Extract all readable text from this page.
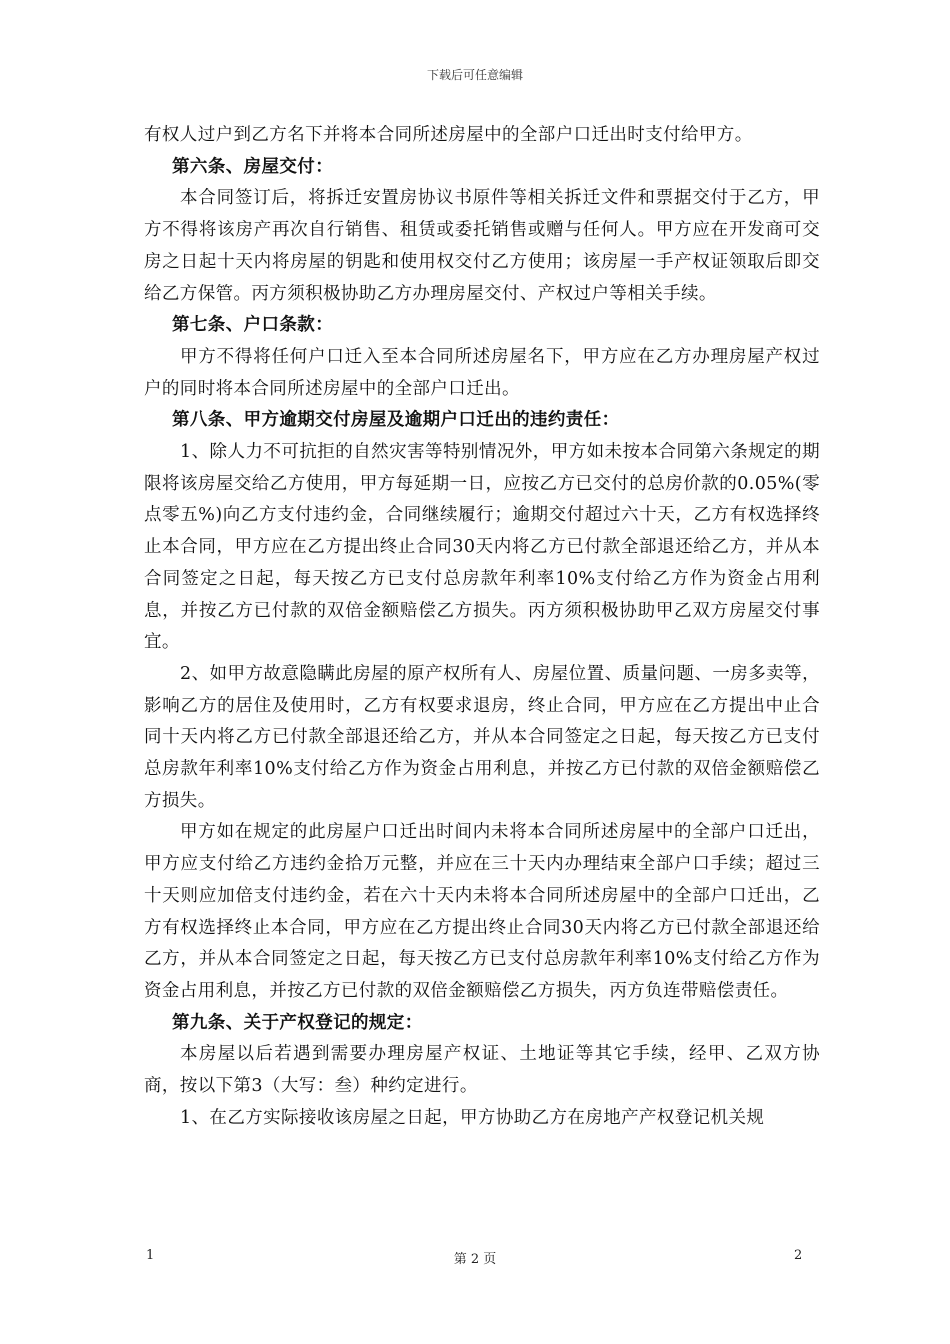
下载后可任意编辑

有权人过户到乙方名下并将本合同所述房屋中的全部户口迁出时支付给甲方。

第六条、房屋交付：

本合同签订后，将拆迁安置房协议书原件等相关拆迁文件和票据交付于乙方，甲方不得将该房产再次自行销售、租赁或委托销售或赠与任何人。甲方应在开发商可交房之日起十天内将房屋的钥匙和使用权交付乙方使用；该房屋一手产权证领取后即交给乙方保管。丙方须积极协助乙方办理房屋交付、产权过户等相关手续。

第七条、户口条款：

甲方不得将任何户口迁入至本合同所述房屋名下，甲方应在乙方办理房屋产权过户的同时将本合同所述房屋中的全部户口迁出。

第八条、甲方逾期交付房屋及逾期户口迁出的违约责任：

1、除人力不可抗拒的自然灾害等特别情况外，甲方如未按本合同第六条规定的期限将该房屋交给乙方使用，甲方每延期一日，应按乙方已交付的总房价款的0.05%(零点零五%)向乙方支付违约金，合同继续履行；逾期交付超过六十天，乙方有权选择终止本合同，甲方应在乙方提出终止合同30天内将乙方已付款全部退还给乙方，并从本合同签定之日起，每天按乙方已支付总房款年利率10%支付给乙方作为资金占用利息，并按乙方已付款的双倍金额赔偿乙方损失。丙方须积极协助甲乙双方房屋交付事宜。

2、如甲方故意隐瞒此房屋的原产权所有人、房屋位置、质量问题、一房多卖等，影响乙方的居住及使用时，乙方有权要求退房，终止合同，甲方应在乙方提出中止合同十天内将乙方已付款全部退还给乙方，并从本合同签定之日起，每天按乙方已支付总房款年利率10%支付给乙方作为资金占用利息，并按乙方已付款的双倍金额赔偿乙方损失。

甲方如在规定的此房屋户口迁出时间内未将本合同所述房屋中的全部户口迁出，甲方应支付给乙方违约金拾万元整，并应在三十天内办理结束全部户口手续；超过三十天则应加倍支付违约金，若在六十天内未将本合同所述房屋中的全部户口迁出，乙方有权选择终止本合同，甲方应在乙方提出终止合同30天内将乙方已付款全部退还给乙方，并从本合同签定之日起，每天按乙方已支付总房款年利率10%支付给乙方作为资金占用利息，并按乙方已付款的双倍金额赔偿乙方损失，丙方负连带赔偿责任。

第九条、关于产权登记的规定：

本房屋以后若遇到需要办理房屋产权证、土地证等其它手续，经甲、乙双方协商，按以下第3（大写：叁）种约定进行。

1、在乙方实际接收该房屋之日起，甲方协助乙方在房地产产权登记机关规

1	第 2 页	2
